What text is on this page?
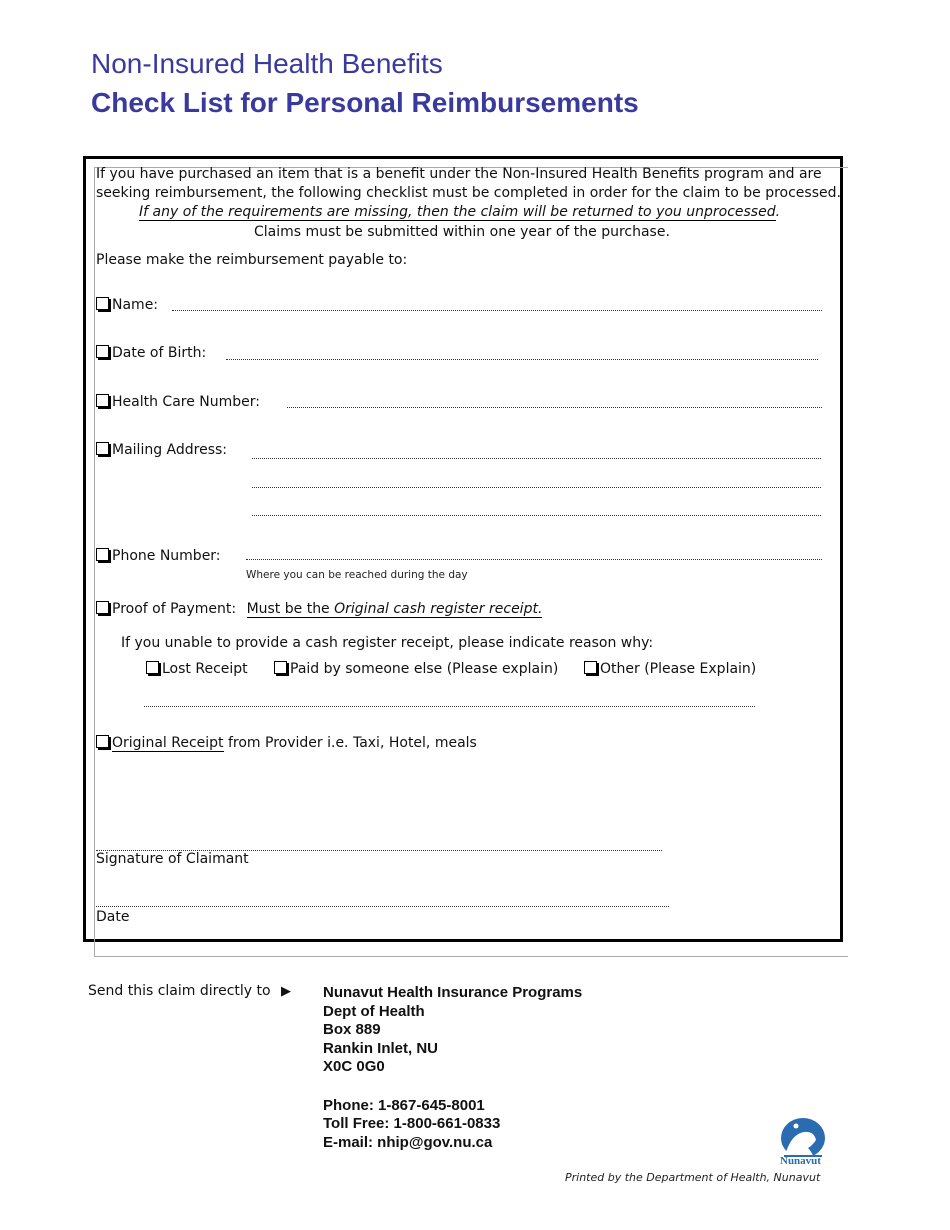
Non-Insured Health Benefits
Check List for Personal Reimbursements
If you have purchased an item that is a benefit under the Non-Insured Health Benefits program and are
seeking reimbursement, the following checklist must be completed in order for the claim to be processed.
If any of the requirements are missing, then the claim will be returned to you unprocessed.
Claims must be submitted within one year of the purchase.
Please make the reimbursement payable to:
Name:
Date of Birth:
Health Care Number:
Mailing Address:
Phone Number:
Where you can be reached during the day
Proof of Payment: Must be the Original cash register receipt.
If you unable to provide a cash register receipt, please indicate reason why:
Lost Receipt	Paid by someone else (Please explain)	Other (Please Explain)
Original Receipt from Provider i.e. Taxi, Hotel, meals
Signature of Claimant
Date
Send this claim directly to ▶ Nunavut Health Insurance Programs
Dept of Health
Box 889
Rankin Inlet, NU
X0C 0G0
Phone: 1-867-645-8001
Toll Free: 1-800-661-0833
E-mail: nhip@gov.nu.ca
Nunavut
Printed by the Department of Health, Nunavut
